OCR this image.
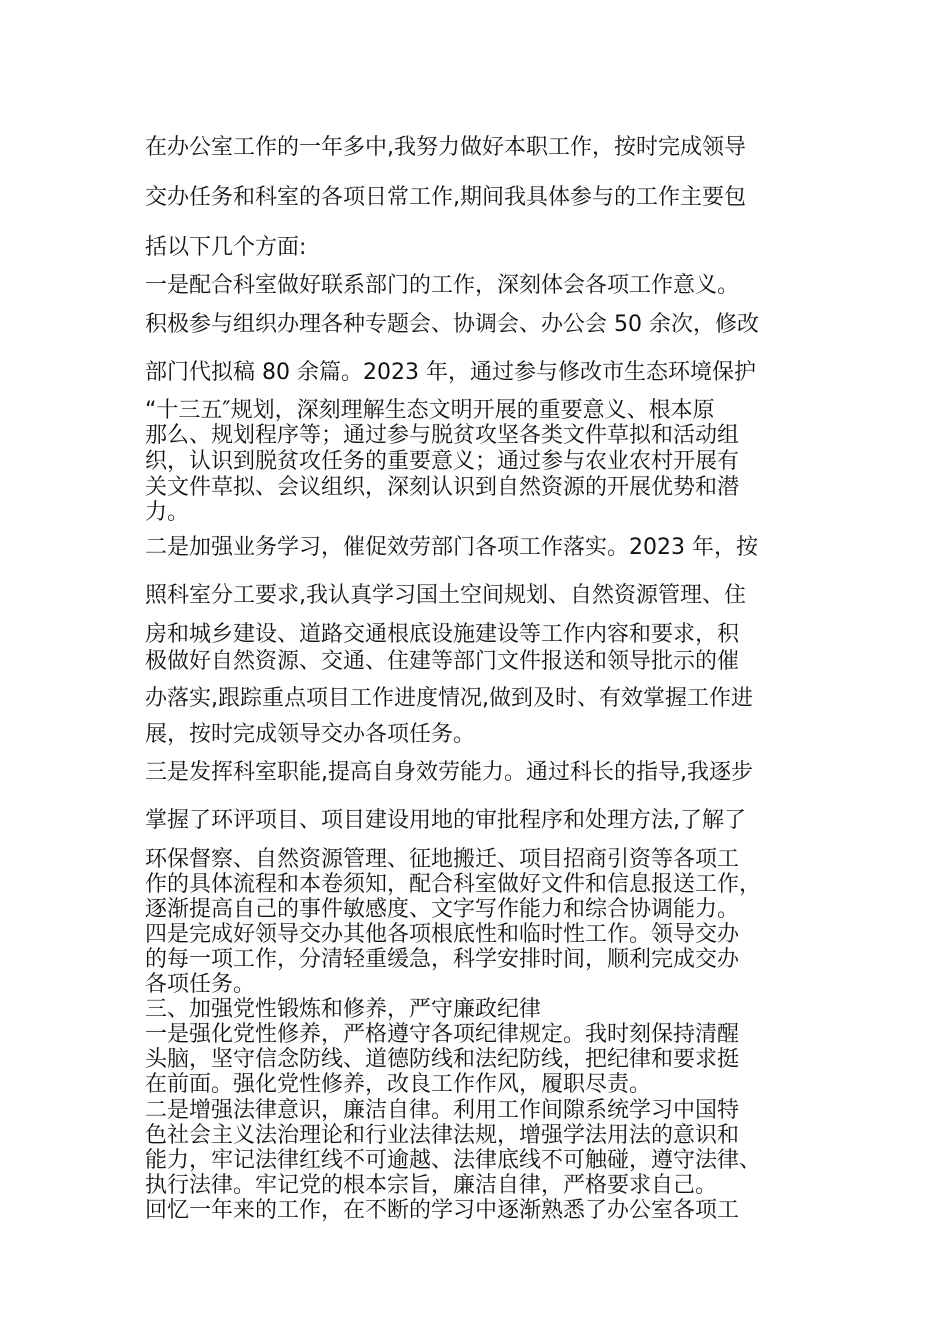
在办公室工作的一年多中,我努力做好本职工作，按时完成领导

交办任务和科室的各项日常工作,期间我具体参与的工作主要包

括以下几个方面:

一是配合科室做好联系部门的工作，深刻体会各项工作意义。

积极参与组织办理各种专题会、协调会、办公会 50 余次，修改

部门代拟稿 80 余篇。2023 年，通过参与修改市生态环境保护

“十三五″规划，深刻理解生态文明开展的重要意义、根本原

那么、规划程序等；通过参与脱贫攻坚各类文件草拟和活动组

织，认识到脱贫攻任务的重要意义；通过参与农业农村开展有

关文件草拟、会议组织，深刻认识到自然资源的开展优势和潜

力。

二是加强业务学习，催促效劳部门各项工作落实。2023 年，按

照科室分工要求,我认真学习国土空间规划、自然资源管理、住

房和城乡建设、道路交通根底设施建设等工作内容和要求，积

极做好自然资源、交通、住建等部门文件报送和领导批示的催

办落实,跟踪重点项目工作进度情况,做到及时、有效掌握工作进

展，按时完成领导交办各项任务。

三是发挥科室职能,提高自身效劳能力。通过科长的指导,我逐步

掌握了环评项目、项目建设用地的审批程序和处理方法,了解了

环保督察、自然资源管理、征地搬迁、项目招商引资等各项工

作的具体流程和本卷须知，配合科室做好文件和信息报送工作，

逐渐提高自己的事件敏感度、文字写作能力和综合协调能力。

四是完成好领导交办其他各项根底性和临时性工作。领导交办

的每一项工作，分清轻重缓急，科学安排时间，顺利完成交办

各项任务。

三、加强党性锻炼和修养，严守廉政纪律

一是强化党性修养，严格遵守各项纪律规定。我时刻保持清醒

头脑，坚守信念防线、道德防线和法纪防线，把纪律和要求挺

在前面。强化党性修养，改良工作作风，履职尽责。

二是增强法律意识，廉洁自律。利用工作间隙系统学习中国特

色社会主义法治理论和行业法律法规，增强学法用法的意识和

能力，牢记法律红线不可逾越、法律底线不可触碰，遵守法律、

执行法律。牢记党的根本宗旨，廉洁自律，严格要求自己。

回忆一年来的工作，在不断的学习中逐渐熟悉了办公室各项工
